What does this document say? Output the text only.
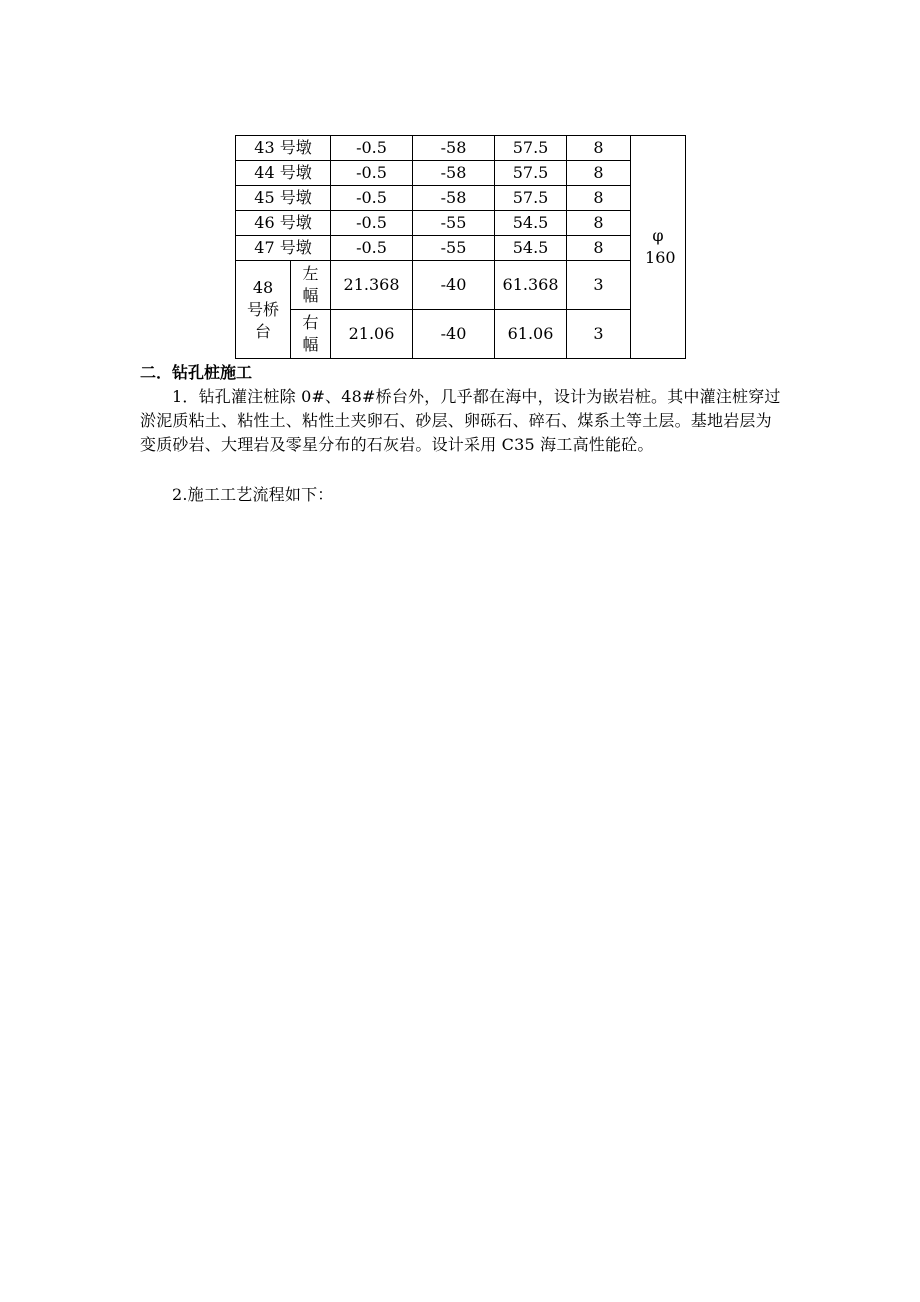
43 号墩		-0.5	-58	57.5	8	φ 160
44 号墩		-0.5	-58	57.5	8	
45 号墩		-0.5	-58	57.5	8	
46 号墩		-0.5	-55	54.5	8	
47 号墩		-0.5	-55	54.5	8	
48 号桥台	左幅	21.368	-40	61.368	3	
	右幅	21.06	-40	61.06	3	
二．钻孔桩施工

1．钻孔灌注桩除 0#、48#桥台外，几乎都在海中，设计为嵌岩桩。其中灌注桩穿过淤泥质粘土、粘性土、粘性土夹卵石、砂层、卵砾石、碎石、煤系土等土层。基地岩层为变质砂岩、大理岩及零星分布的石灰岩。设计采用 C35 海工高性能砼。

2.施工工艺流程如下：
